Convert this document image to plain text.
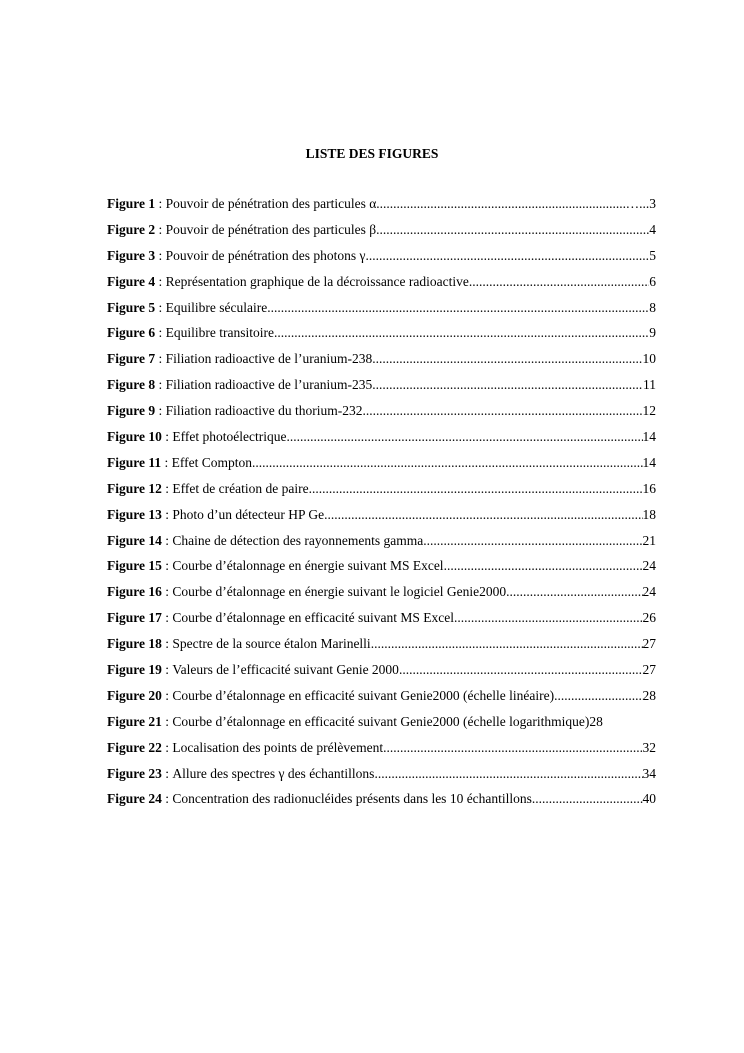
LISTE DES FIGURES
Figure 1 : Pouvoir de pénétration des particules α .....	…...3
Figure 2 : Pouvoir de pénétration des particules β .....	4
Figure 3 : Pouvoir de pénétration des photons γ .....	5
Figure 4 : Représentation graphique de la décroissance radioactive .....	6
Figure 5 : Equilibre séculaire .....	8
Figure 6 : Equilibre transitoire .....	9
Figure 7 : Filiation radioactive de l’uranium-238 .....	10
Figure 8 : Filiation radioactive de l’uranium-235 .....	11
Figure 9 : Filiation radioactive du thorium-232 .....	12
Figure 10 : Effet photoélectrique .....	14
Figure 11 : Effet Compton .....	14
Figure 12 : Effet de création de paire .....	16
Figure 13 : Photo d’un détecteur HP Ge .....	18
Figure 14 : Chaine de détection des rayonnements gamma .....	21
Figure 15 : Courbe d’étalonnage en énergie suivant MS Excel .....	24
Figure 16 : Courbe d’étalonnage en énergie suivant le logiciel Genie2000 .....	24
Figure 17 : Courbe d’étalonnage en efficacité suivant MS Excel .....	26
Figure 18 : Spectre de la source étalon Marinelli .....	27
Figure 19 : Valeurs de l’efficacité suivant Genie 2000 .....	27
Figure 20 : Courbe d’étalonnage en efficacité suivant Genie2000 (échelle linéaire) .....	28
Figure 21 : Courbe d’étalonnage en efficacité suivant Genie2000 (échelle logarithmique) 28
Figure 22 : Localisation des points de prélèvement .....	32
Figure 23 : Allure des spectres γ des échantillons .....	34
Figure 24 : Concentration des radionucléides présents dans les 10 échantillons .....	40
